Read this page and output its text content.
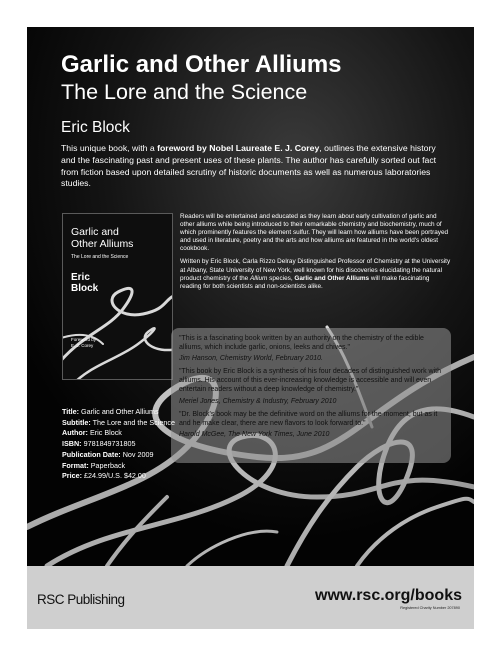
Garlic and Other Alliums
The Lore and the Science
Eric Block
This unique book, with a foreword by Nobel Laureate E. J. Corey, outlines the extensive history and the fascinating past and present uses of these plants. The author has carefully sorted out fact from fiction based upon detailed scrutiny of historic documents as well as numerous laboratories studies.
Garlic and
Other Alliums
The Lore and the Science
Eric
Block
Foreword by
E. J. Corey

Readers will be entertained and educated as they learn about early cultivation of garlic and other alliums while being introduced to their remarkable chemistry and biochemistry, much of which prominently features the element sulfur. They will learn how alliums have been portrayed and used in literature, poetry and the arts and how alliums are featured in the world's oldest cookbook.

Written by Eric Block, Carla Rizzo Delray Distinguished Professor of Chemistry at the University at Albany, State University of New York, well known for his discoveries elucidating the natural product chemistry of the Allium species, Garlic and Other Alliums will make fascinating reading for both scientists and non-scientists alike.

"This is a fascinating book written by an authority on the chemistry of the edible alliums, which include garlic, onions, leeks and chives."

Jim Hanson, Chemistry World, February 2010.

"This book by Eric Block is a synthesis of his four decades of distinguished work with alliums. His account of this ever-increasing knowledge is accessible and will even entertain readers without a deep knowledge of chemistry."

Meriel Jones, Chemistry & Industry, February 2010

"Dr. Block's book may be the definitive word on the alliums for the moment, but as it and he make clear, there are new flavors to look forward to."

Harold McGee, The New York Times, June 2010

Title: Garlic and Other Alliums
Subtitle: The Lore and the Science
Author: Eric Block
ISBN: 9781849731805
Publication Date: Nov 2009
Format: Paperback
Price: £24.99/U.S. $42.00
RSC Publishing	www.rsc.org/books
Registered Charity Number 207890
